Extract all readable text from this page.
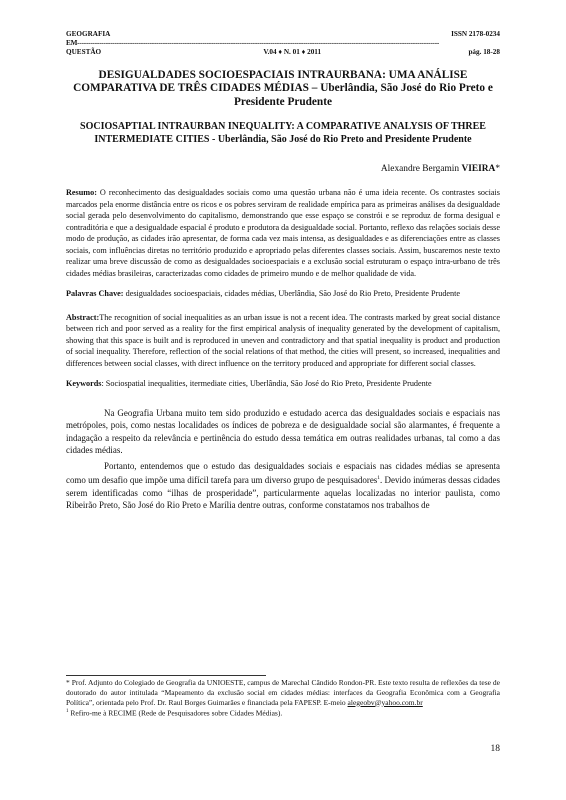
GEOGRAFIA	ISSN 2178-0234
EM---------------------------------------------------------------------------------------------------------------------------------------------------------------------
QUESTÃO	V.04 ♦ N. 01 ♦ 2011	pág. 18-28
DESIGUALDADES SOCIOESPACIAIS INTRAURBANA: UMA ANÁLISE COMPARATIVA DE TRÊS CIDADES MÉDIAS – Uberlândia, São José do Rio Preto e Presidente Prudente
SOCIOSAPTIAL INTRAURBAN INEQUALITY: A COMPARATIVE ANALYSIS OF THREE INTERMEDIATE CITIES - Uberlândia, São José do Rio Preto and Presidente Prudente
Alexandre Bergamin VIEIRA*
Resumo: O reconhecimento das desigualdades sociais como uma questão urbana não é uma ideia recente. Os contrastes sociais marcados pela enorme distância entre os ricos e os pobres serviram de realidade empírica para as primeiras análises da desigualdade social gerada pelo desenvolvimento do capitalismo, demonstrando que esse espaço se constrói e se reproduz de forma desigual e contraditória e que a desigualdade espacial é produto e produtora da desigualdade social. Portanto, reflexo das relações sociais desse modo de produção, as cidades irão apresentar, de forma cada vez mais intensa, as desigualdades e as diferenciações entre as classes sociais, com influências diretas no território produzido e apropriado pelas diferentes classes sociais. Assim, buscaremos neste texto realizar uma breve discussão de como as desigualdades socioespaciais e a exclusão social estruturam o espaço intra-urbano de três cidades médias brasileiras, caracterizadas como cidades de primeiro mundo e de melhor qualidade de vida.
Palavras Chave: desigualdades socioespaciais, cidades médias, Uberlândia, São José do Rio Preto, Presidente Prudente
Abstract:The recognition of social inequalities as an urban issue is not a recent idea. The contrasts marked by great social distance between rich and poor served as a reality for the first empirical analysis of inequality generated by the development of capitalism, showing that this space is built and is reproduced in uneven and contradictory and that spatial inequality is product and production of social inequality. Therefore, reflection of the social relations of that method, the cities will present, so increased, inequalities and differences between social classes, with direct influence on the territory produced and appropriate for different social classes.
Keywords: Sociospatial inequalities, itermediate cities, Uberlândia, São José do Rio Preto, Presidente Prudente

Na Geografia Urbana muito tem sido produzido e estudado acerca das desigualdades sociais e espaciais nas metrópoles, pois, como nestas localidades os índices de pobreza e de desigualdade social são alarmantes, é frequente a indagação a respeito da relevância e pertinência do estudo dessa temática em outras realidades urbanas, tal como a das cidades médias.

Portanto, entendemos que o estudo das desigualdades sociais e espaciais nas cidades médias se apresenta como um desafio que impõe uma difícil tarefa para um diverso grupo de pesquisadores$^1$. Devido inúmeras dessas cidades serem identificadas como “ilhas de prosperidade”, particularmente aquelas localizadas no interior paulista, como Ribeirão Preto, São José do Rio Preto e Marília dentre outras, conforme constatamos nos trabalhos de

* Prof. Adjunto do Colegiado de Geografia da UNIOESTE, campus de Marechal Cândido Rondon-PR. Este texto resulta de reflexões da tese de doutorado do autor intitulada “Mapeamento da exclusão social em cidades médias: interfaces da Geografia Econômica com a Geografia Política”, orientada pelo Prof. Dr. Raul Borges Guimarães e financiada pela FAPESP. E-meio alegeobv@yahoo.com.br

$^1$ Refiro-me à RECIME (Rede de Pesquisadores sobre Cidades Médias).

18
